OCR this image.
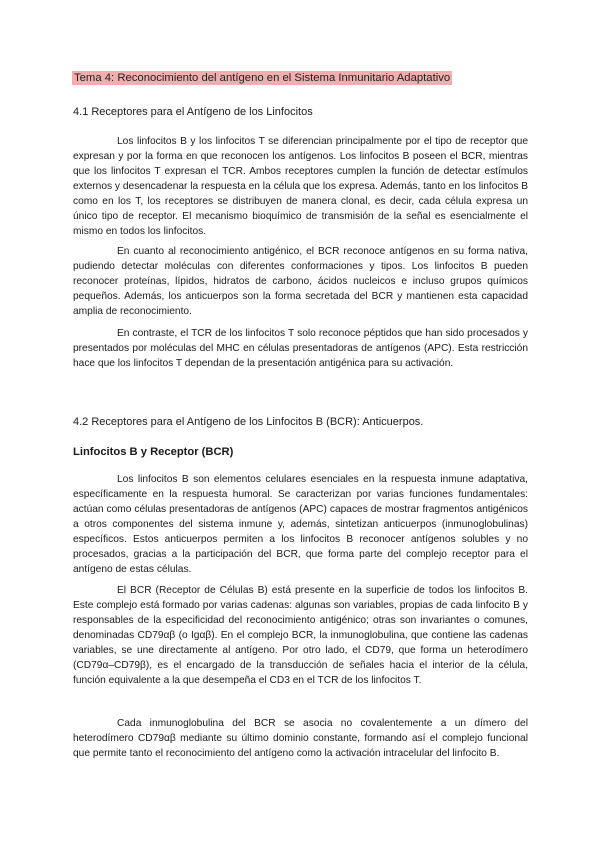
Tema 4: Reconocimiento del antígeno en el Sistema Inmunitario Adaptativo
4.1 Receptores para el Antígeno de los Linfocitos

Los linfocitos B y los linfocitos T se diferencian principalmente por el tipo de receptor que expresan y por la forma en que reconocen los antígenos. Los linfocitos B poseen el BCR, mientras que los linfocitos T expresan el TCR. Ambos receptores cumplen la función de detectar estímulos externos y desencadenar la respuesta en la célula que los expresa. Además, tanto en los linfocitos B como en los T, los receptores se distribuyen de manera clonal, es decir, cada célula expresa un único tipo de receptor. El mecanismo bioquímico de transmisión de la señal es esencialmente el mismo en todos los linfocitos.

En cuanto al reconocimiento antigénico, el BCR reconoce antígenos en su forma nativa, pudiendo detectar moléculas con diferentes conformaciones y tipos. Los linfocitos B pueden reconocer proteínas, lípidos, hidratos de carbono, ácidos nucleicos e incluso grupos químicos pequeños. Además, los anticuerpos son la forma secretada del BCR y mantienen esta capacidad amplia de reconocimiento.

En contraste, el TCR de los linfocitos T solo reconoce péptidos que han sido procesados y presentados por moléculas del MHC en células presentadoras de antígenos (APC). Esta restricción hace que los linfocitos T dependan de la presentación antigénica para su activación.

4.2 Receptores para el Antígeno de los Linfocitos B (BCR): Anticuerpos.
Linfocitos B y Receptor (BCR)

Los linfocitos B son elementos celulares esenciales en la respuesta inmune adaptativa, específicamente en la respuesta humoral. Se caracterizan por varias funciones fundamentales: actúan como células presentadoras de antígenos (APC) capaces de mostrar fragmentos antigénicos a otros componentes del sistema inmune y, además, sintetizan anticuerpos (inmunoglobulinas) específicos. Estos anticuerpos permiten a los linfocitos B reconocer antígenos solubles y no procesados, gracias a la participación del BCR, que forma parte del complejo receptor para el antígeno de estas células.

El BCR (Receptor de Células B) está presente en la superficie de todos los linfocitos B. Este complejo está formado por varias cadenas: algunas son variables, propias de cada linfocito B y responsables de la especificidad del reconocimiento antigénico; otras son invariantes o comunes, denominadas CD79αβ (o Igαβ). En el complejo BCR, la inmunoglobulina, que contiene las cadenas variables, se une directamente al antígeno. Por otro lado, el CD79, que forma un heterodímero (CD79α–CD79β), es el encargado de la transducción de señales hacia el interior de la célula, función equivalente a la que desempeña el CD3 en el TCR de los linfocitos T.

Cada inmunoglobulina del BCR se asocia no covalentemente a un dímero del heterodímero CD79αβ mediante su último dominio constante, formando así el complejo funcional que permite tanto el reconocimiento del antígeno como la activación intracelular del linfocito B.
